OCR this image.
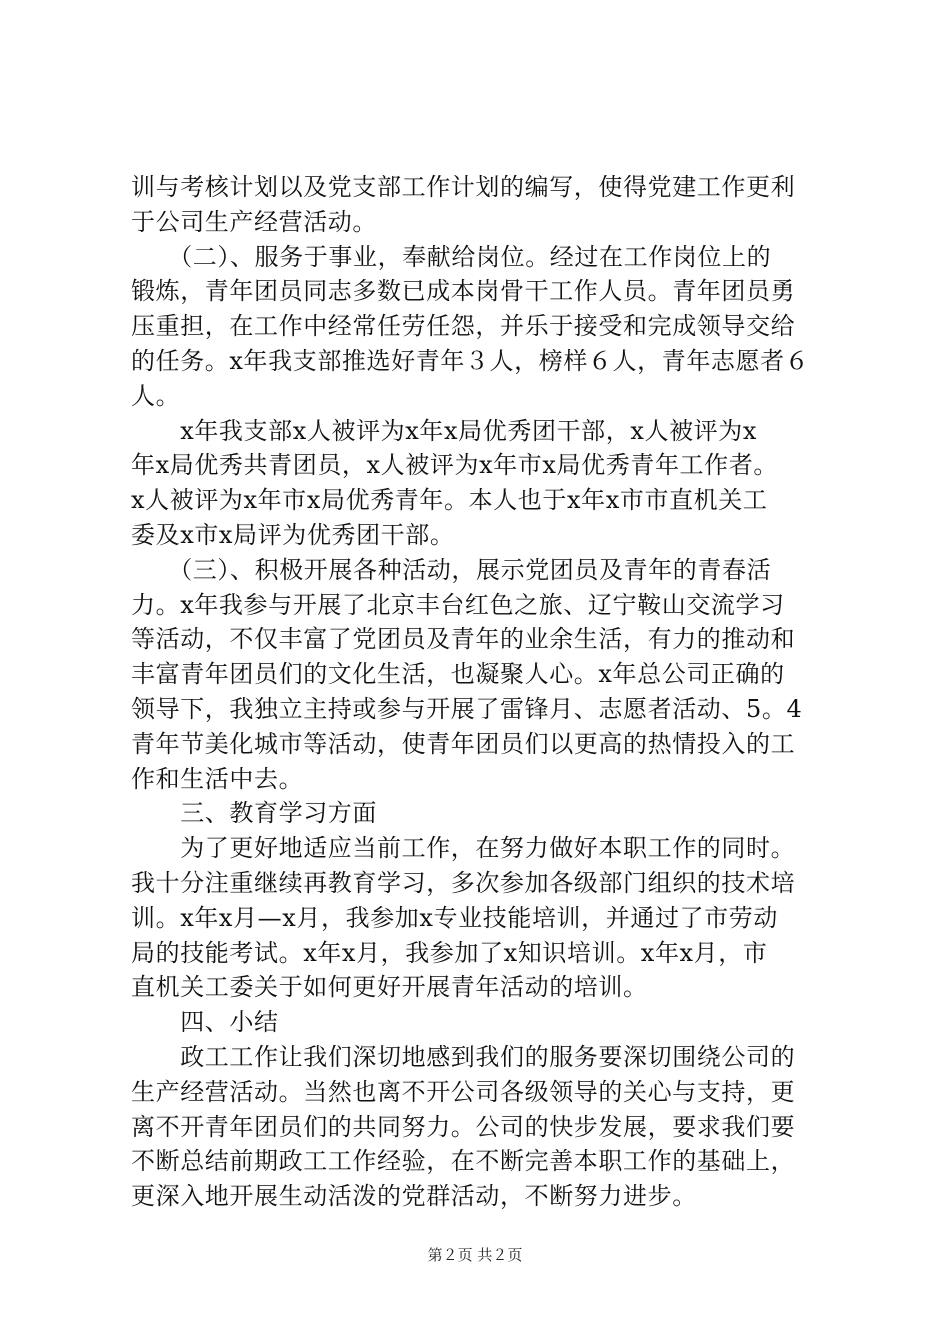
训与考核计划以及党支部工作计划的编写，使得党建工作更利
于公司生产经营活动。
　　（二）、服务于事业，奉献给岗位。经过在工作岗位上的
锻炼，青年团员同志多数已成本岗骨干工作人员。青年团员勇
压重担，在工作中经常任劳任怨，并乐于接受和完成领导交给
的任务。x年我支部推选好青年３人，榜样６人，青年志愿者６
人。
　　x年我支部x人被评为x年x局优秀团干部，x人被评为x
年x局优秀共青团员，x人被评为x年市x局优秀青年工作者。
x人被评为x年市x局优秀青年。本人也于x年x市市直机关工
委及x市x局评为优秀团干部。
　　（三）、积极开展各种活动，展示党团员及青年的青春活
力。x年我参与开展了北京丰台红色之旅、辽宁鞍山交流学习
等活动，不仅丰富了党团员及青年的业余生活，有力的推动和
丰富青年团员们的文化生活，也凝聚人心。x年总公司正确的
领导下，我独立主持或参与开展了雷锋月、志愿者活动、5。4
青年节美化城市等活动，使青年团员们以更高的热情投入的工
作和生活中去。
　　三、教育学习方面
　　为了更好地适应当前工作，在努力做好本职工作的同时。
我十分注重继续再教育学习，多次参加各级部门组织的技术培
训。x年x月—x月，我参加x专业技能培训，并通过了市劳动
局的技能考试。x年x月，我参加了x知识培训。x年x月，市
直机关工委关于如何更好开展青年活动的培训。
　　四、小结
　　政工工作让我们深切地感到我们的服务要深切围绕公司的
生产经营活动。当然也离不开公司各级领导的关心与支持，更
离不开青年团员们的共同努力。公司的快步发展，要求我们要
不断总结前期政工工作经验，在不断完善本职工作的基础上，
更深入地开展生动活泼的党群活动，不断努力进步。
第２页 共２页
